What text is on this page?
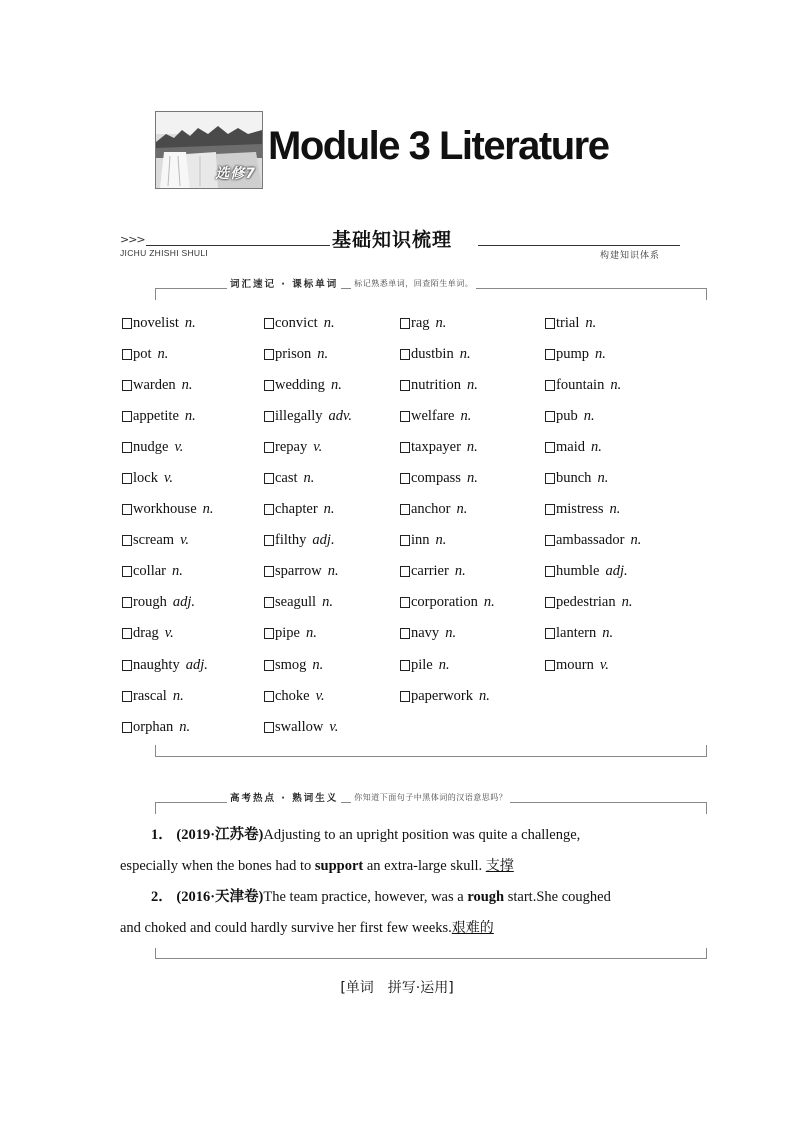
选修7
Module 3 Literature
>>>	基础知识梳理
JICHU ZHISHI SHULI	构建知识体系
词汇速记 · 课标单词	标记熟悉单词，回查陌生单词。
novelist n.	convict n.	rag n.	trial n.
pot n.	prison n.	dustbin n.	pump n.
warden n.	wedding n.	nutrition n.	fountain n.
appetite n.	illegally adv.	welfare n.	pub n.
nudge v.	repay v.	taxpayer n.	maid n.
lock v.	cast n.	compass n.	bunch n.
workhouse n.	chapter n.	anchor n.	mistress n.
scream v.	filthy adj.	inn n.	ambassador n.
collar n.	sparrow n.	carrier n.	humble adj.
rough adj.	seagull n.	corporation n.	pedestrian n.
drag v.	pipe n.	navy n.	lantern n.
naughty adj.	smog n.	pile n.	mourn v.
rascal n.	choke v.	paperwork n.
orphan n.	swallow v.
高考热点 · 熟词生义	你知道下面句子中黑体词的汉语意思吗？
1． (2019·江苏卷)Adjusting to an upright position was quite a challenge,
especially when the bones had to support an extra-large skull. 支撑
2． (2016·天津卷)The team practice, however, was a rough start.She coughed
and choked and could hardly survive her first few weeks.艰难的
[单词　拼写·运用]
